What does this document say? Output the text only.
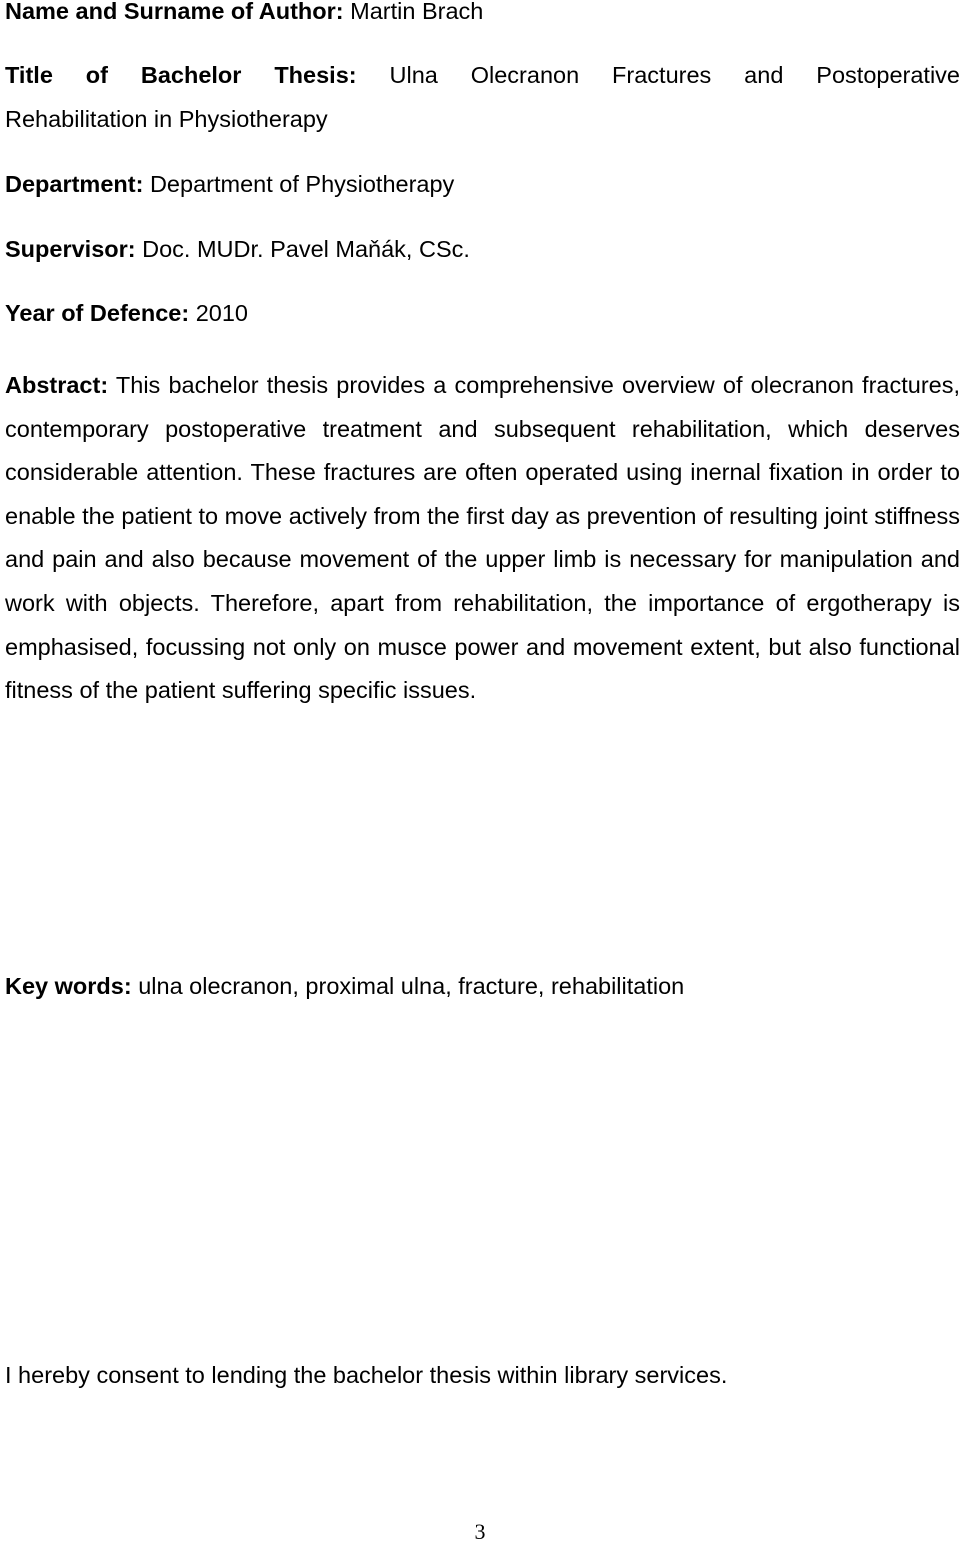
Name and Surname of Author: Martin Brach
Title of Bachelor Thesis: Ulna Olecranon Fractures and Postoperative
Rehabilitation in Physiotherapy
Department: Department of Physiotherapy
Supervisor: Doc. MUDr. Pavel Maňák, CSc.
Year of Defence: 2010

Abstract: This bachelor thesis provides a comprehensive overview of olecranon fractures, contemporary postoperative treatment and subsequent rehabilitation, which deserves considerable attention. These fractures are often operated using inernal fixation in order to enable the patient to move actively from the first day as prevention of resulting joint stiffness and pain and also because movement of the upper limb is necessary for manipulation and work with objects. Therefore, apart from rehabilitation, the importance of ergotherapy is emphasised, focussing not only on musce power and movement extent, but also functional fitness of the patient suffering specific issues.

Key words: ulna olecranon, proximal ulna, fracture, rehabilitation
I hereby consent to lending the bachelor thesis within library services.
3
